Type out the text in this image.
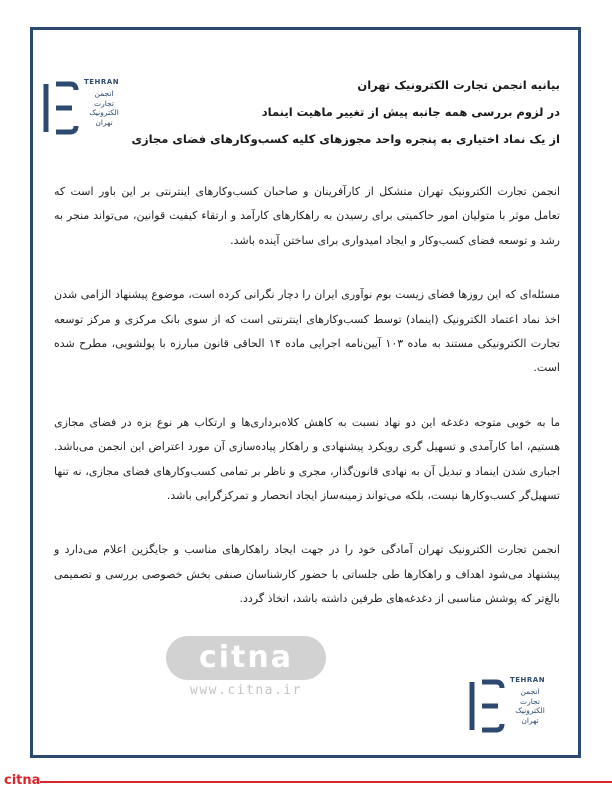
TEHRAN
انجمن تجارت الکترونیک تهران
بیانیه انجمن تجارت الکترونیک تهران
در لزوم بررسی همه جانبه پیش از تغییر ماهیت اینماد
از یک نماد اختیاری به پنجره واحد مجوزهای کلیه کسب‌وکارهای فضای مجازی

انجمن تجارت الکترونیک تهران متشکل از کارآفرینان و صاحبان کسب‌وکارهای اینترنتی بر این باور است که تعامل موثر با متولیان امور حاکمیتی برای رسیدن به راهکارهای کارآمد و ارتقاء کیفیت قوانین، می‌تواند منجر به رشد و توسعه فضای کسب‌وکار و ایجاد امیدواری برای ساختن آینده باشد.

مسئله‌ای که این روزها فضای زیست بوم نوآوری ایران را دچار نگرانی کرده است، موضوع پیشنهاد الزامی شدن اخذ نماد اعتماد الکترونیک (اینماد) توسط کسب‌وکارهای اینترنتی است که از سوی بانک مرکزی و مرکز توسعه تجارت الکترونیکی مستند به ماده ۱۰۳ آیین‌نامه اجرایی ماده ۱۴ الحاقی قانون مبارزه با پولشویی، مطرح شده است.

ما به خوبی متوجه دغدغه این دو نهاد نسبت به کاهش کلاه‌برداری‌ها و ارتکاب هر نوع بزه در فضای مجازی هستیم، اما کارآمدی و تسهیل گری رویکرد پیشنهادی و راهکار پیاده‌سازی آن مورد اعتراض این انجمن می‌باشد. اجباری شدن اینماد و تبدیل آن به نهادی قانون‌گذار، مجری و ناظر بر تمامی کسب‌وکارهای فضای مجازی، نه تنها تسهیل‌گر کسب‌وکارها نیست، بلکه می‌تواند زمینه‌ساز ایجاد انحصار و تمرکزگرایی باشد.

انجمن تجارت الکترونیک تهران آمادگی خود را در جهت ایجاد راهکارهای مناسب و جایگزین اعلام می‌دارد و پیشنهاد می‌شود اهداف و راهکارها طی جلساتی با حضور کارشناسان صنفی بخش خصوصی بررسی و تصمیمی بالغ‌تر که پوشش مناسبی از دغدغه‌های طرفین داشته باشد، اتخاذ گردد.

citna
www.citna.ir
TEHRAN
انجمن تجارت الکترونیک تهران
citna
